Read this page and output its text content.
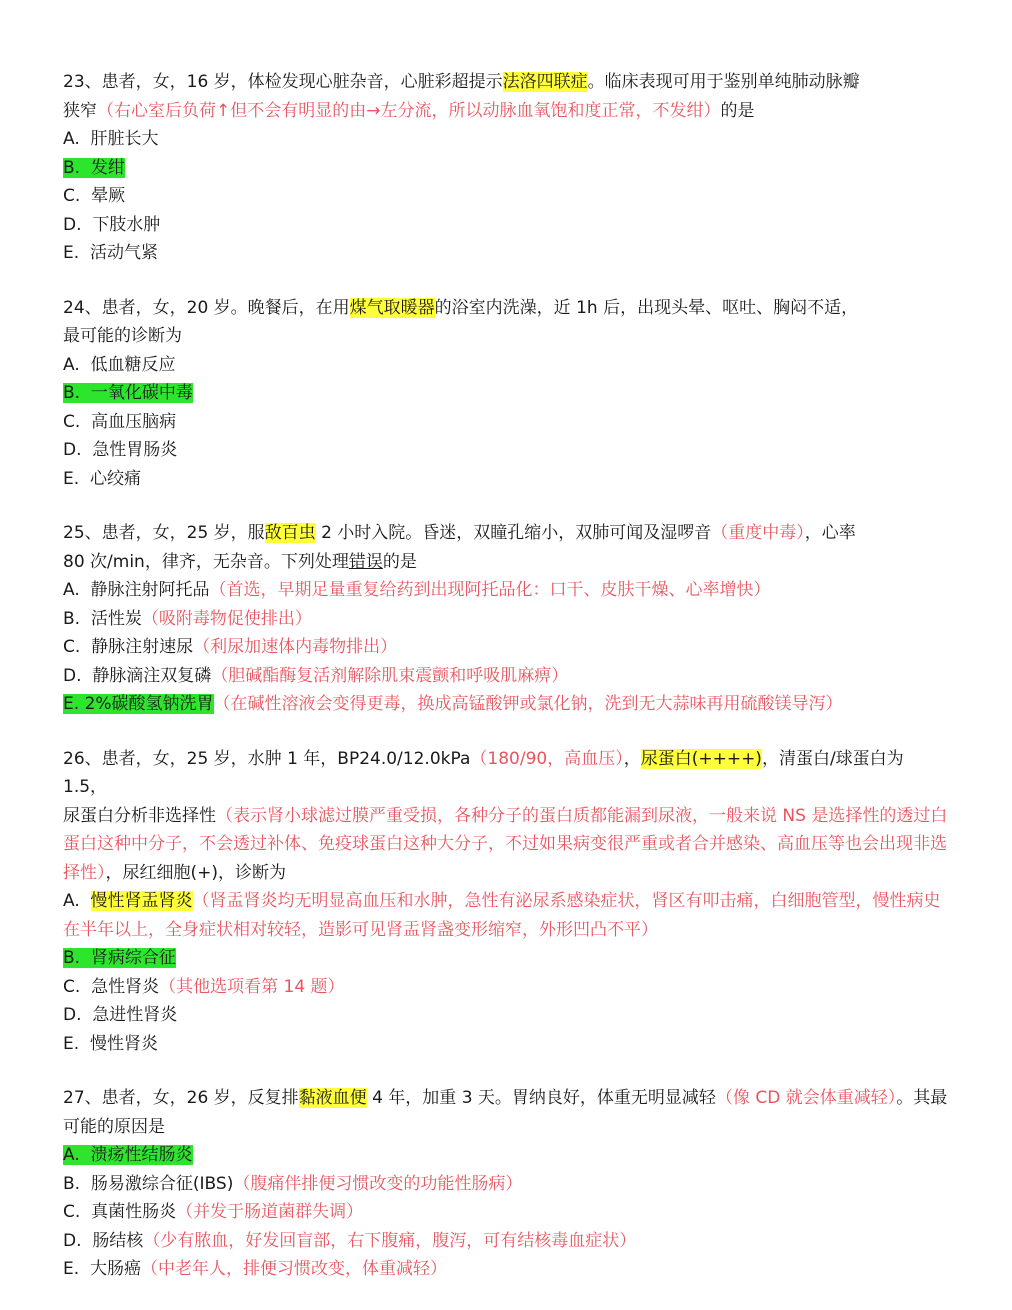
23、患者，女，16 岁，体检发现心脏杂音，心脏彩超提示法洛四联症。临床表现可用于鉴别单纯肺动脉瓣
狭窄（右心室后负荷↑但不会有明显的由→左分流，所以动脉血氧饱和度正常，不发绀）的是
A. 肝脏长大
B. 发绀
C. 晕厥
D. 下肢水肿
E. 活动气紧
24、患者，女，20 岁。晚餐后，在用煤气取暖器的浴室内洗澡，近 1h 后，出现头晕、呕吐、胸闷不适，
最可能的诊断为
A. 低血糖反应
B. 一氧化碳中毒
C. 高血压脑病
D. 急性胃肠炎
E. 心绞痛
25、患者，女，25 岁，服敌百虫 2 小时入院。昏迷，双瞳孔缩小，双肺可闻及湿啰音（重度中毒），心率
80 次/min，律齐，无杂音。下列处理错误的是
A. 静脉注射阿托品（首选，早期足量重复给药到出现阿托品化：口干、皮肤干燥、心率增快）
B. 活性炭（吸附毒物促使排出）
C. 静脉注射速尿（利尿加速体内毒物排出）
D. 静脉滴注双复磷（胆碱酯酶复活剂解除肌束震颤和呼吸肌麻痹）
E. 2%碳酸氢钠洗胃（在碱性溶液会变得更毒，换成高锰酸钾或氯化钠，洗到无大蒜味再用硫酸镁导泻）
26、患者，女，25 岁，水肿 1 年，BP24.0/12.0kPa（180/90，高血压），尿蛋白(++++)，清蛋白/球蛋白为 1.5，
尿蛋白分析非选择性（表示肾小球滤过膜严重受损，各种分子的蛋白质都能漏到尿液，一般来说 NS 是选择性的透过白蛋白这种中分子，不会透过补体、免疫球蛋白这种大分子，不过如果病变很严重或者合并感染、高血压等也会出现非选择性），尿红细胞(+)，诊断为
A. 慢性肾盂肾炎（肾盂肾炎均无明显高血压和水肿，急性有泌尿系感染症状，肾区有叩击痛，白细胞管型，慢性病史在半年以上，全身症状相对较轻，造影可见肾盂肾盏变形缩窄，外形凹凸不平）
B. 肾病综合征
C. 急性肾炎（其他选项看第 14 题）
D. 急进性肾炎
E. 慢性肾炎
27、患者，女，26 岁，反复排黏液血便 4 年，加重 3 天。胃纳良好，体重无明显减轻（像 CD 就会体重减轻）。其最可能的原因是
A. 溃疡性结肠炎
B. 肠易激综合征(IBS)（腹痛伴排便习惯改变的功能性肠病）
C. 真菌性肠炎（并发于肠道菌群失调）
D. 肠结核（少有脓血，好发回盲部，右下腹痛，腹泻，可有结核毒血症状）
E. 大肠癌（中老年人，排便习惯改变，体重减轻）
